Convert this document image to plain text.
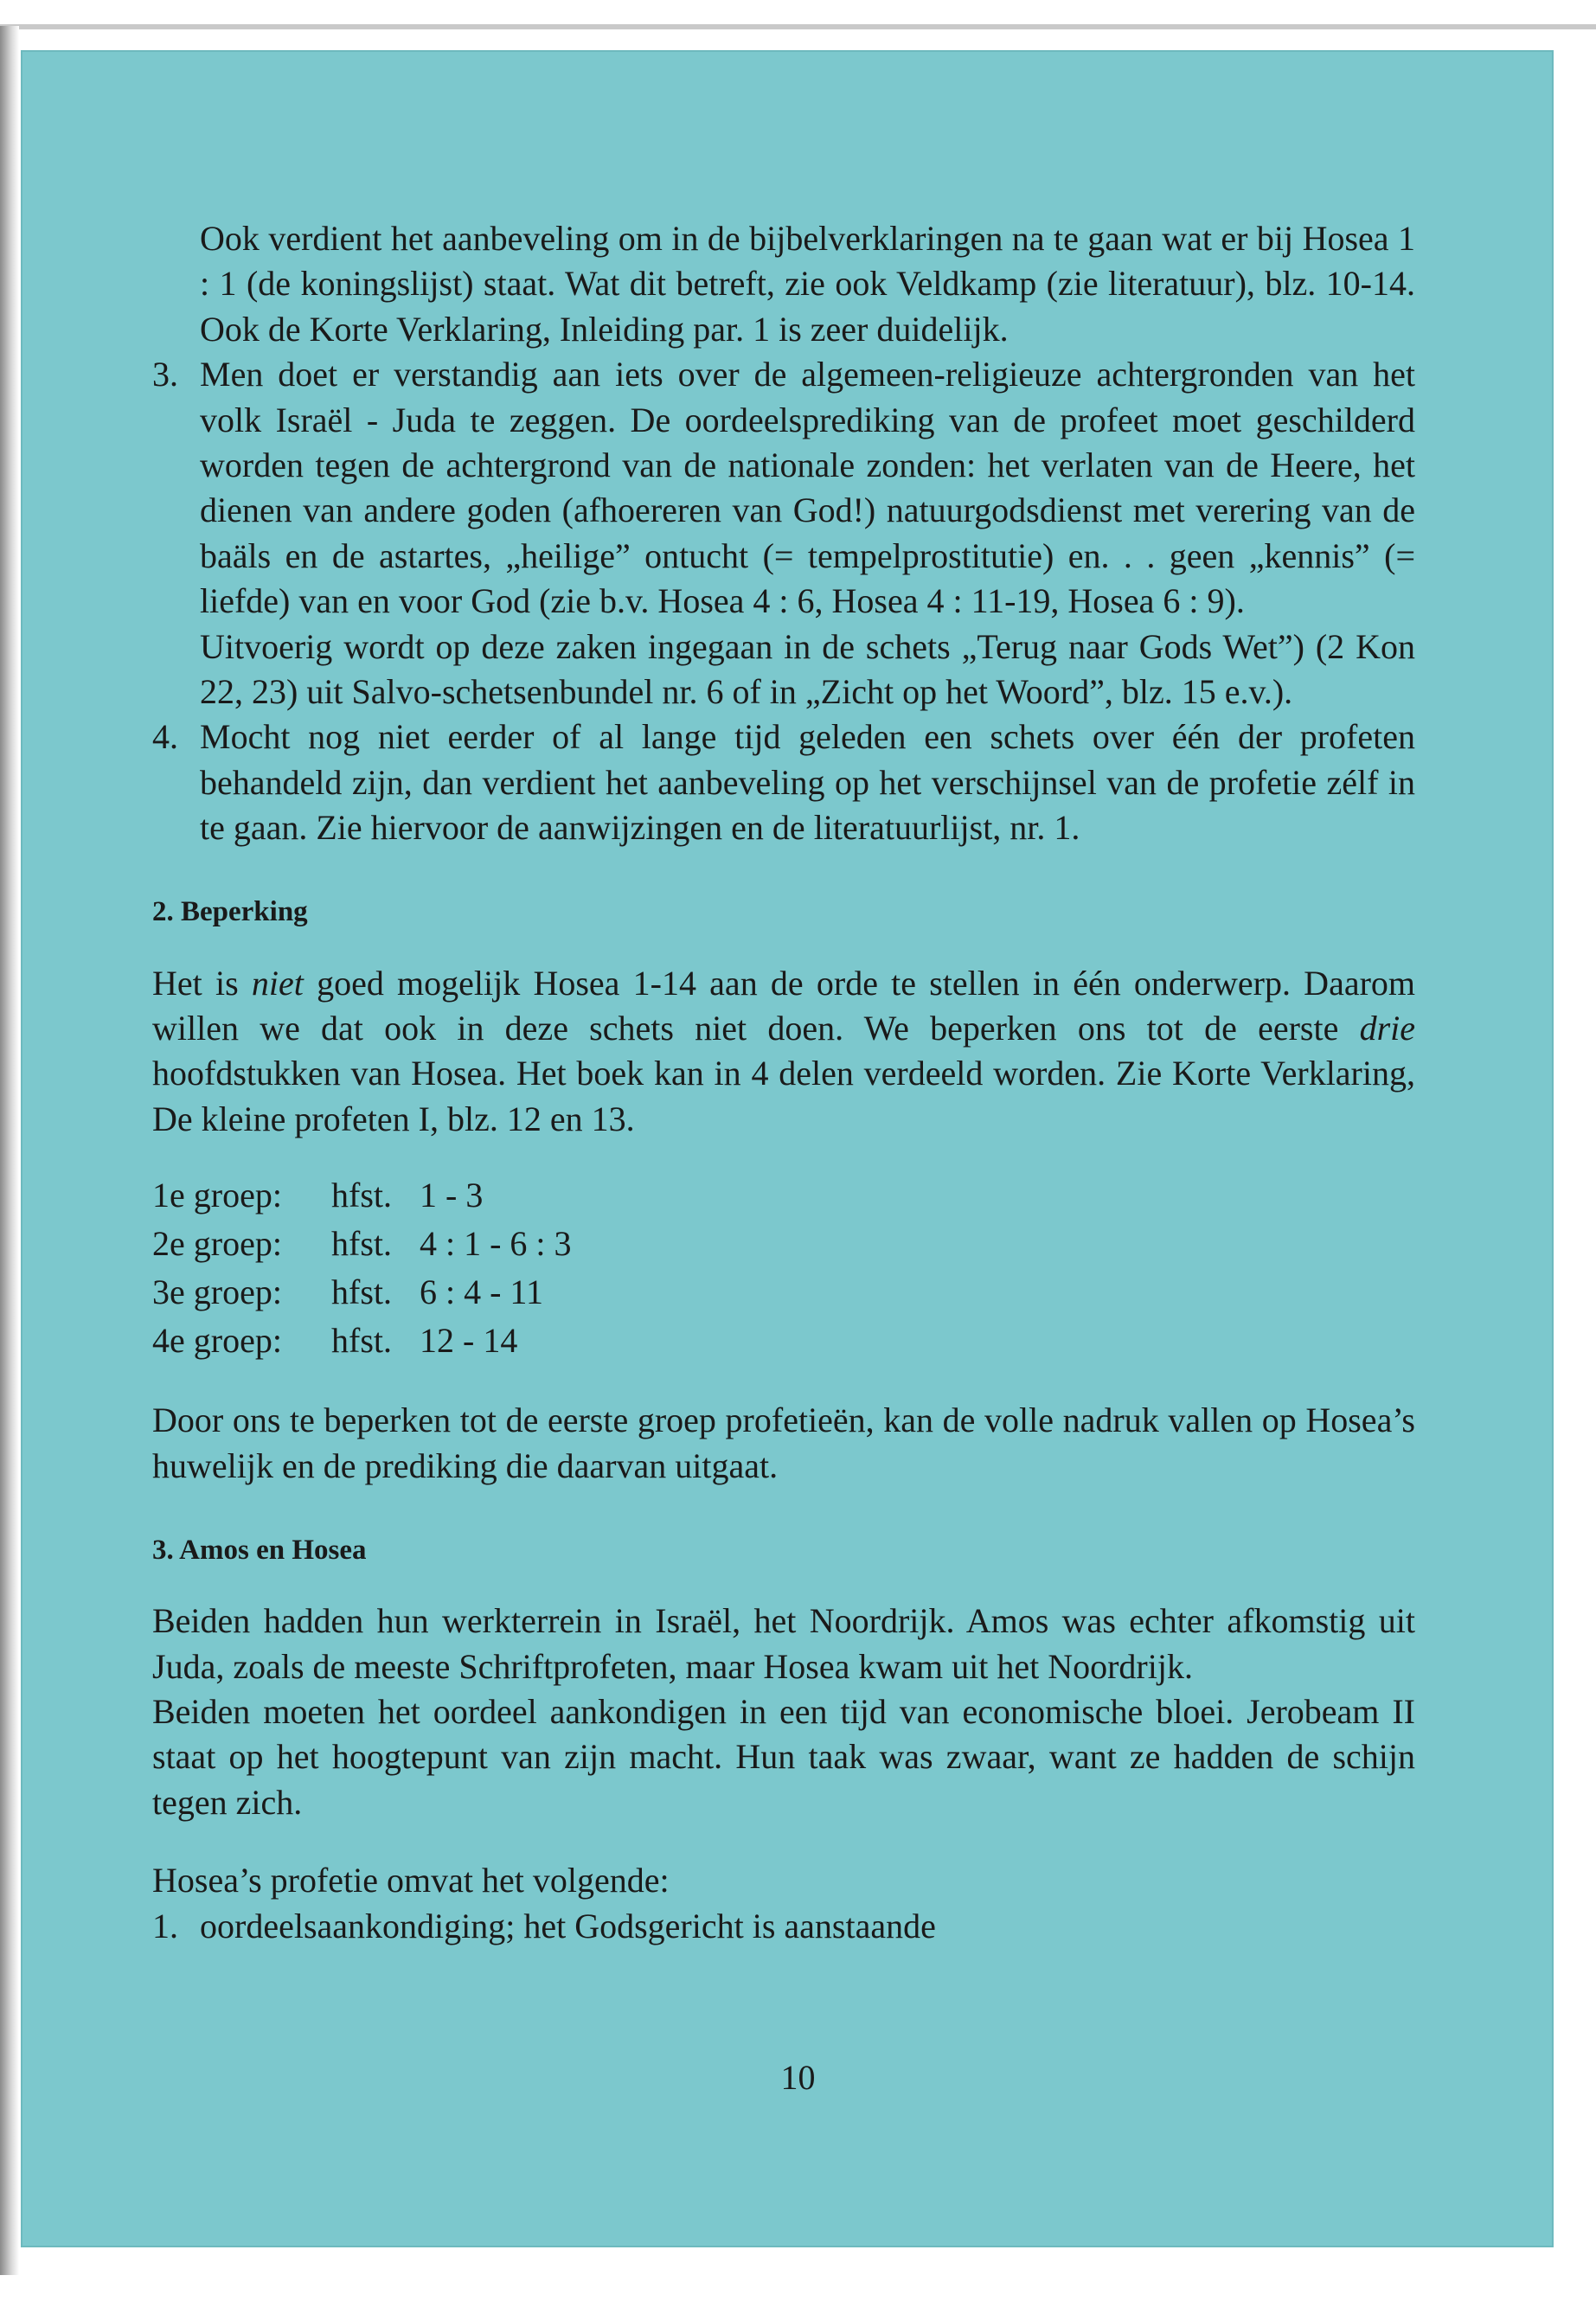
Ook verdient het aanbeveling om in de bijbelverklaringen na te gaan wat er bij Hosea 1 : 1 (de koningslijst) staat. Wat dit betreft, zie ook Veldkamp (zie literatuur), blz. 10-14. Ook de Korte Verklaring, Inleiding par. 1 is zeer duidelijk.

3. Men doet er verstandig aan iets over de algemeen-religieuze achtergronden van het volk Israël - Juda te zeggen. De oordeelsprediking van de profeet moet geschilderd worden tegen de achtergrond van de nationale zonden: het verlaten van de Heere, het dienen van andere goden (afhoereren van God!) natuurgodsdienst met verering van de baäls en de astartes, „heilige” ontucht (= tempelprostitutie) en. . . geen „kennis” (= liefde) van en voor God (zie b.v. Hosea 4 : 6, Hosea 4 : 11-19, Hosea 6 : 9).

Uitvoerig wordt op deze zaken ingegaan in de schets „Terug naar Gods Wet”) (2 Kon 22, 23) uit Salvo-schetsenbundel nr. 6 of in „Zicht op het Woord”, blz. 15 e.v.).

4. Mocht nog niet eerder of al lange tijd geleden een schets over één der profeten behandeld zijn, dan verdient het aanbeveling op het verschijnsel van de profetie zélf in te gaan. Zie hiervoor de aanwijzingen en de literatuurlijst, nr. 1.
2. Beperking

Het is niet goed mogelijk Hosea 1-14 aan de orde te stellen in één onderwerp. Daarom willen we dat ook in deze schets niet doen. We beperken ons tot de eerste drie hoofdstukken van Hosea. Het boek kan in 4 delen verdeeld worden. Zie Korte Verklaring, De kleine profeten I, blz. 12 en 13.

1e groep:	hfst. 1 - 3
2e groep:	hfst. 4 : 1 - 6 : 3
3e groep:	hfst. 6 : 4 - 11
4e groep:	hfst. 12 - 14

Door ons te beperken tot de eerste groep profetieën, kan de volle nadruk vallen op Hosea’s huwelijk en de prediking die daarvan uitgaat.

3. Amos en Hosea

Beiden hadden hun werkterrein in Israël, het Noordrijk. Amos was echter afkomstig uit Juda, zoals de meeste Schriftprofeten, maar Hosea kwam uit het Noordrijk.

Beiden moeten het oordeel aankondigen in een tijd van economische bloei. Jerobeam II staat op het hoogtepunt van zijn macht. Hun taak was zwaar, want ze hadden de schijn tegen zich.

Hosea’s profetie omvat het volgende:

1. oordeelsaankondiging; het Godsgericht is aanstaande
10
